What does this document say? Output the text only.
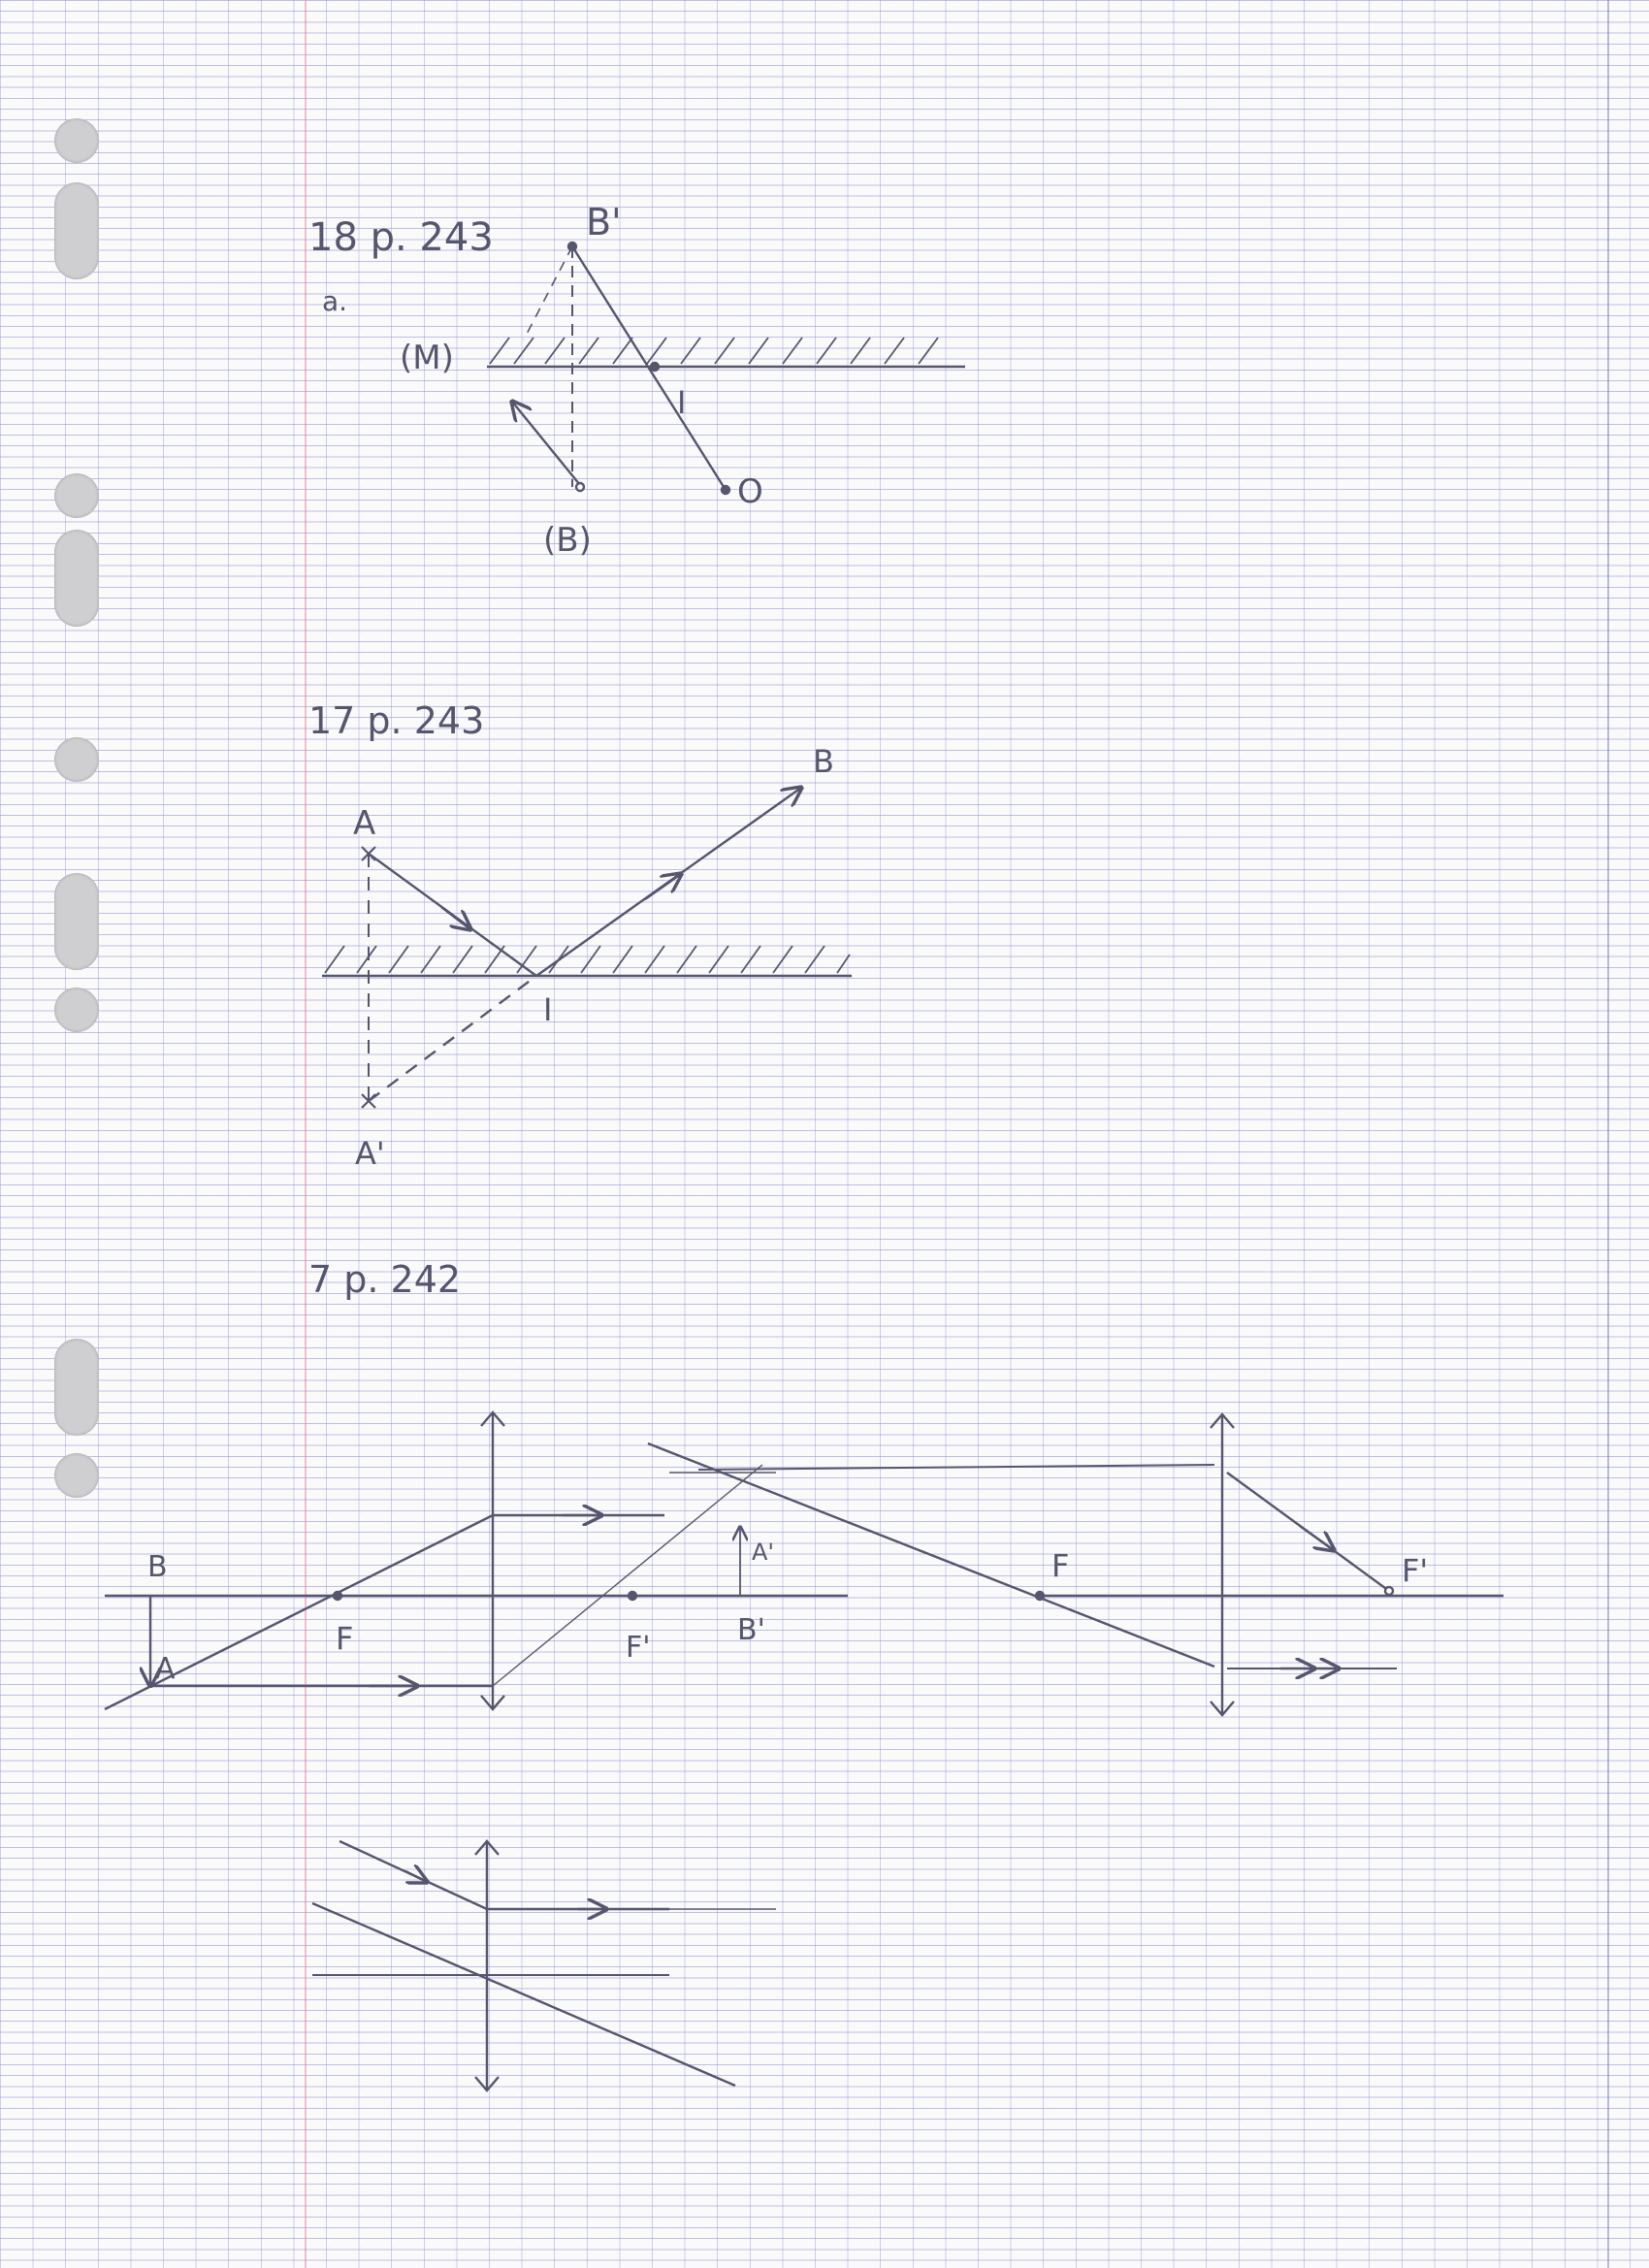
18 p. 243
a.
(M)
B'
(B)
I
O
17 p. 243
A
A'
B
I
7 p. 242
B
A
F	F'
A'
B'
F	F'
